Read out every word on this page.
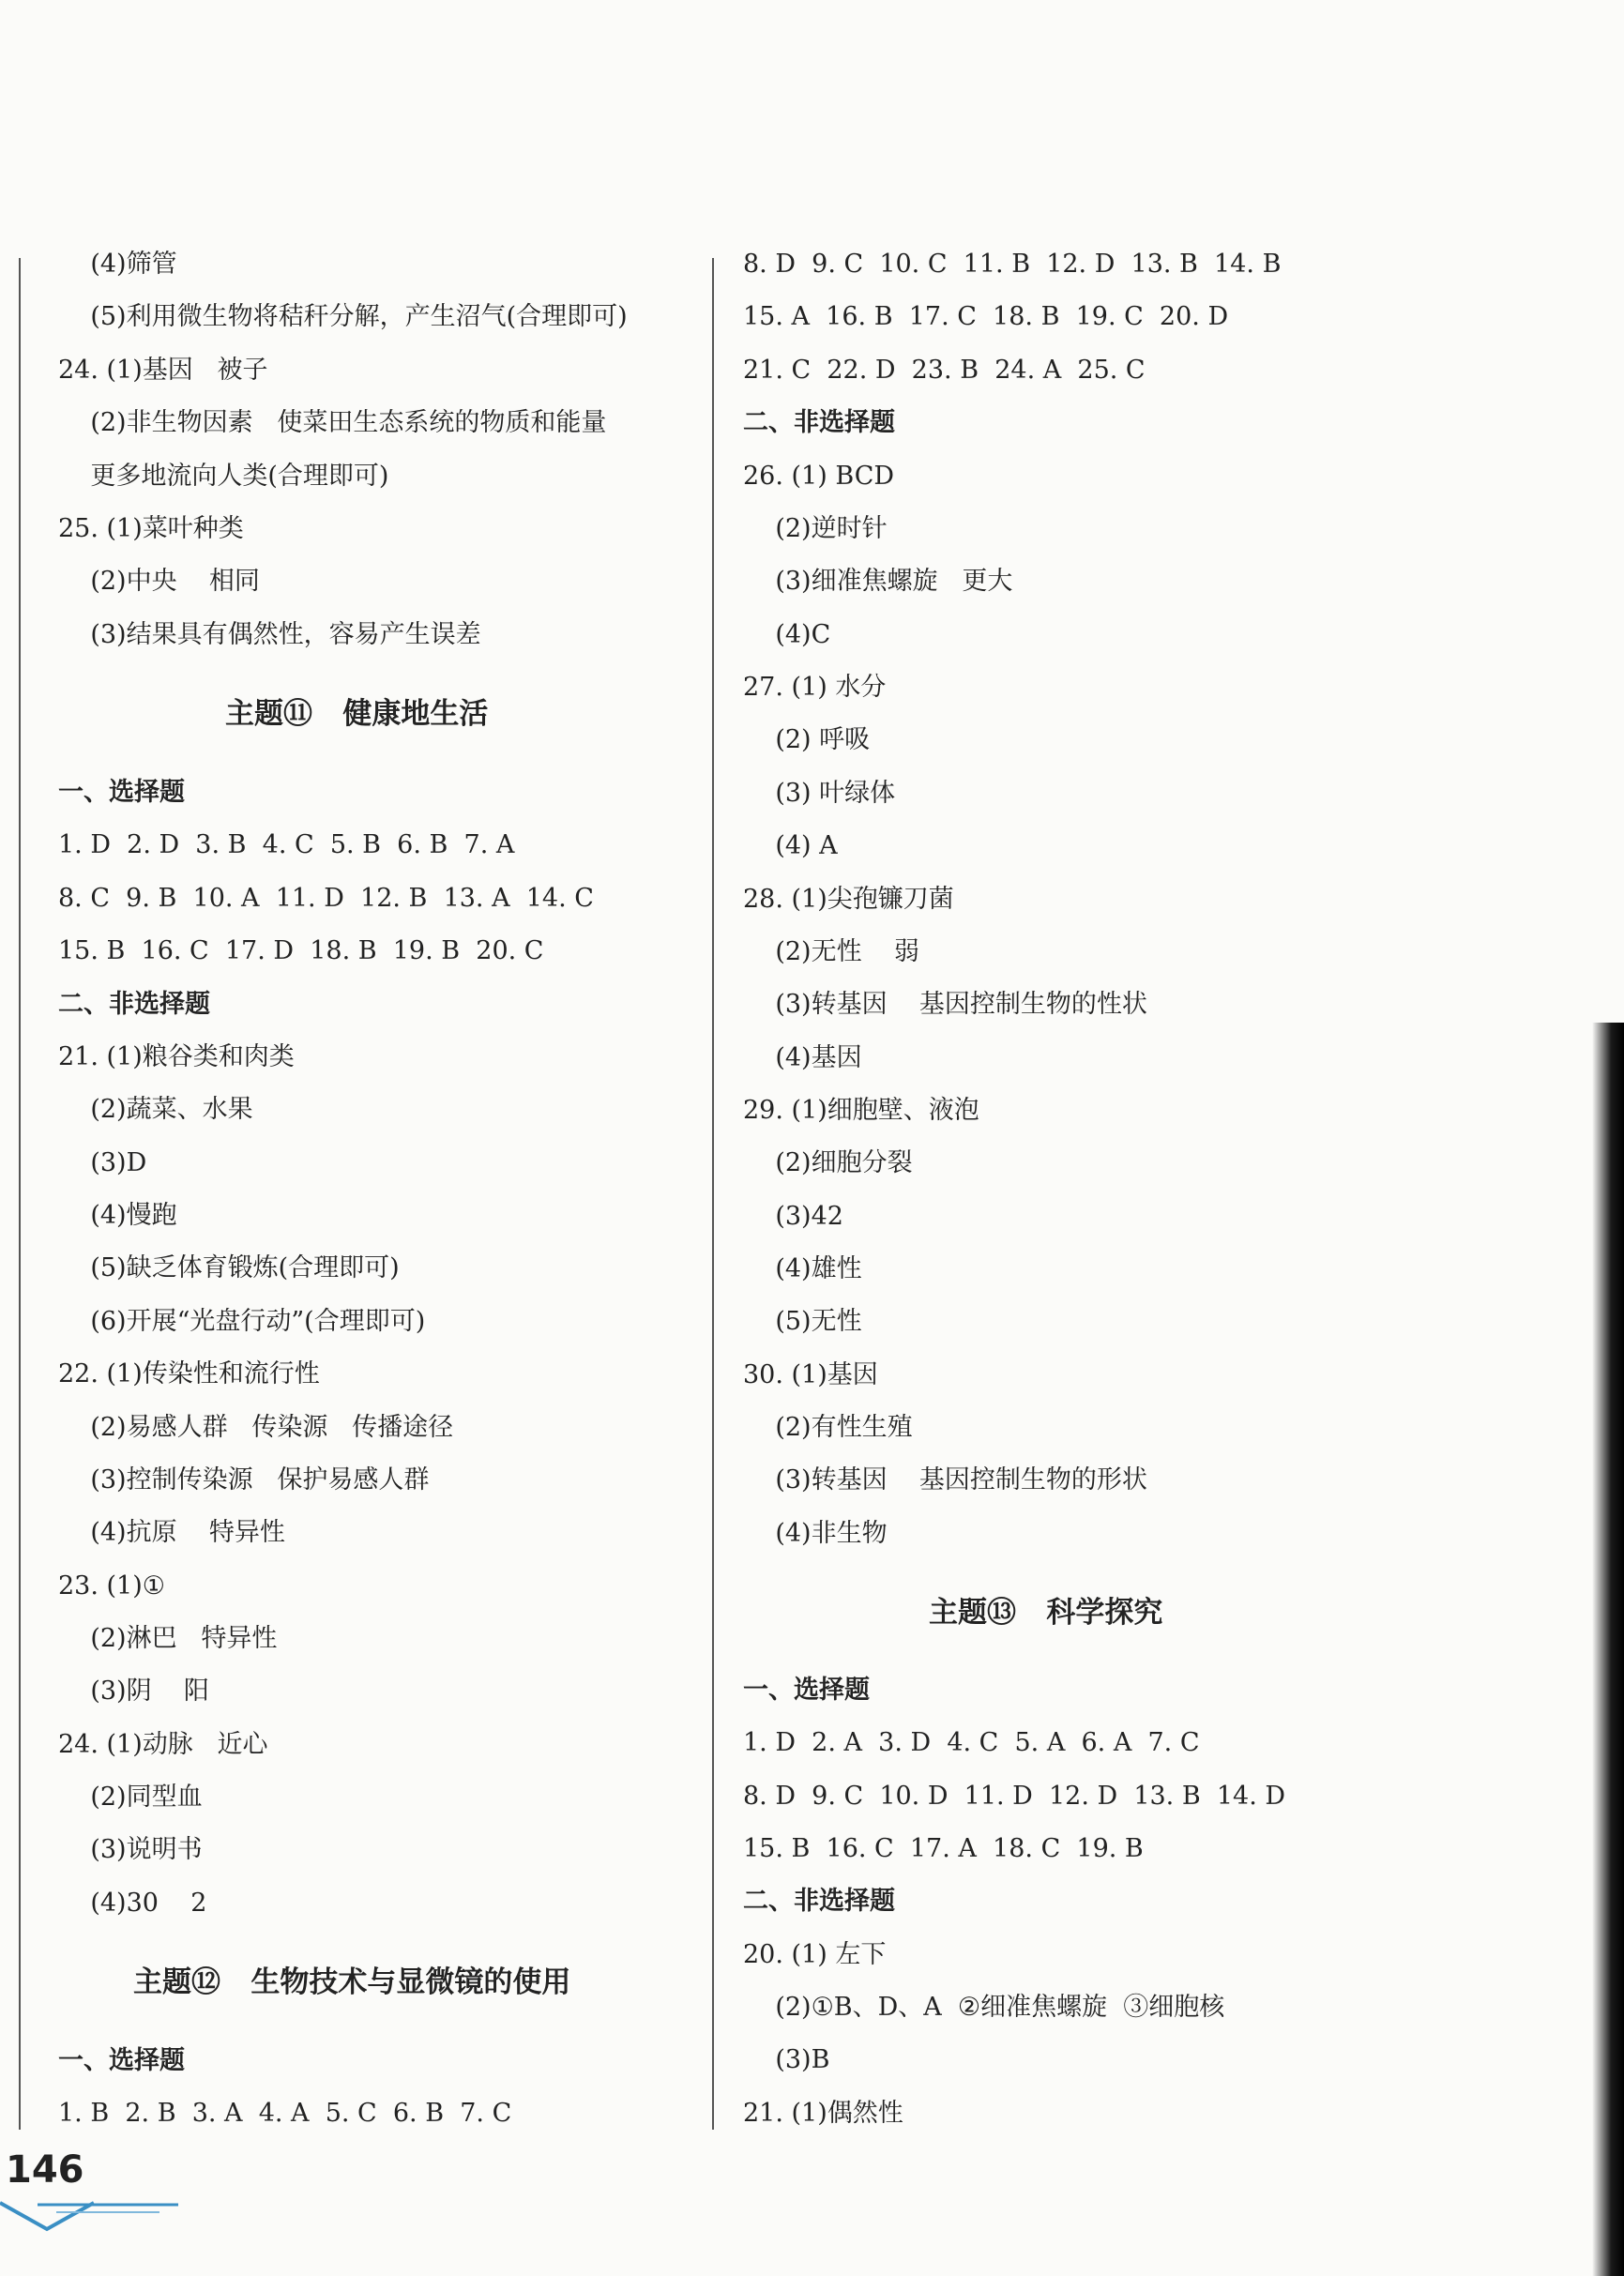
(4)筛管
(5)利用微生物将秸秆分解，产生沼气(合理即可)
24. (1)基因   被子
(2)非生物因素   使菜田生态系统的物质和能量
更多地流向人类(合理即可)
25. (1)菜叶种类
(2)中央    相同
(3)结果具有偶然性，容易产生误差
主题⑪   健康地生活
一、选择题
1. D  2. D  3. B  4. C  5. B  6. B  7. A
8. C  9. B  10. A  11. D  12. B  13. A  14. C
15. B  16. C  17. D  18. B  19. B  20. C
二、非选择题
21. (1)粮谷类和肉类
(2)蔬菜、水果
(3)D
(4)慢跑
(5)缺乏体育锻炼(合理即可)
(6)开展“光盘行动”(合理即可)
22. (1)传染性和流行性
(2)易感人群   传染源   传播途径
(3)控制传染源   保护易感人群
(4)抗原    特异性
23. (1)①
(2)淋巴   特异性
(3)阴    阳
24. (1)动脉   近心
(2)同型血
(3)说明书
(4)30    2
主题⑫   生物技术与显微镜的使用
一、选择题
1. B  2. B  3. A  4. A  5. C  6. B  7. C
8. D  9. C  10. C  11. B  12. D  13. B  14. B
15. A  16. B  17. C  18. B  19. C  20. D
21. C  22. D  23. B  24. A  25. C
二、非选择题
26. (1) BCD
(2)逆时针
(3)细准焦螺旋   更大
(4)C
27. (1) 水分
(2) 呼吸
(3) 叶绿体
(4) A
28. (1)尖孢镰刀菌
(2)无性    弱
(3)转基因    基因控制生物的性状
(4)基因
29. (1)细胞壁、液泡
(2)细胞分裂
(3)42
(4)雄性
(5)无性
30. (1)基因
(2)有性生殖
(3)转基因    基因控制生物的形状
(4)非生物
主题⑬   科学探究
一、选择题
1. D  2. A  3. D  4. C  5. A  6. A  7. C
8. D  9. C  10. D  11. D  12. D  13. B  14. D
15. B  16. C  17. A  18. C  19. B
二、非选择题
20. (1) 左下
(2)①B、D、A  ②细准焦螺旋  ③细胞核
(3)B
21. (1)偶然性
146
